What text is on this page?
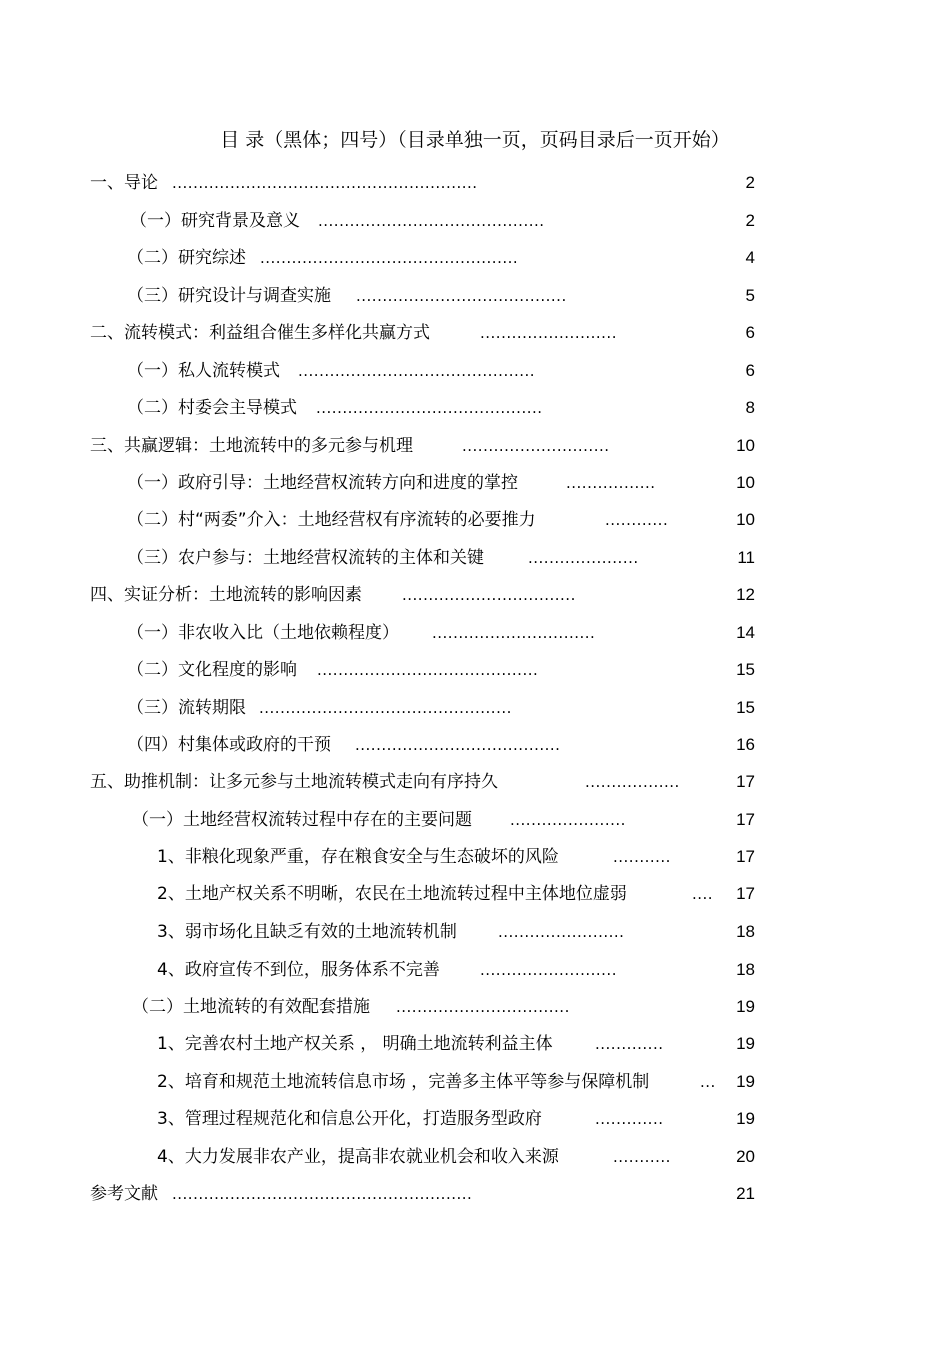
目 录（黑体；四号）（目录单独一页，页码目录后一页开始）
一、导论 ..........................................................	2
（一）研究背景及意义 ...........................................	2
（二）研究综述 .................................................	4
（三）研究设计与调查实施 ........................................	5
二、流转模式：利益组合催生多样化共赢方式	..........................	6
（一）私人流转模式 .............................................	6
（二）村委会主导模式 ...........................................	8
三、共赢逻辑：土地流转中的多元参与机理	............................	10
（一）政府引导：土地经营权流转方向和进度的掌控	.................	10
（二）村“两委”介入：土地经营权有序流转的必要推力	............	10
（三）农户参与：土地经营权流转的主体和关键	.....................	11
四、实证分析：土地流转的影响因素	.................................	12
（一）非农收入比（土地依赖程度） ...............................	14
（二）文化程度的影响 ..........................................	15
（三）流转期限 ................................................	15
（四）村集体或政府的干预 .......................................	16
五、助推机制：让多元参与土地流转模式走向有序持久	..................	17
（一）土地经营权流转过程中存在的主要问题	......................	17
1、非粮化现象严重，存在粮食安全与生态破坏的风险	...........	17
2、土地产权关系不明晰，农民在土地流转过程中主体地位虚弱	....	17
3、弱市场化且缺乏有效的土地流转机制	........................	18
4、政府宣传不到位，服务体系不完善	..........................	18
（二）土地流转的有效配套措施 .................................	19
1、完善农村土地产权关系 ， 明确土地流转利益主体	.............	19
2、培育和规范土地流转信息市场 ，完善多主体平等参与保障机制	...	19
3、管理过程规范化和信息公开化，打造服务型政府	.............	19
4、大力发展非农产业，提高非农就业机会和收入来源	...........	20
参考文献 .........................................................	21
